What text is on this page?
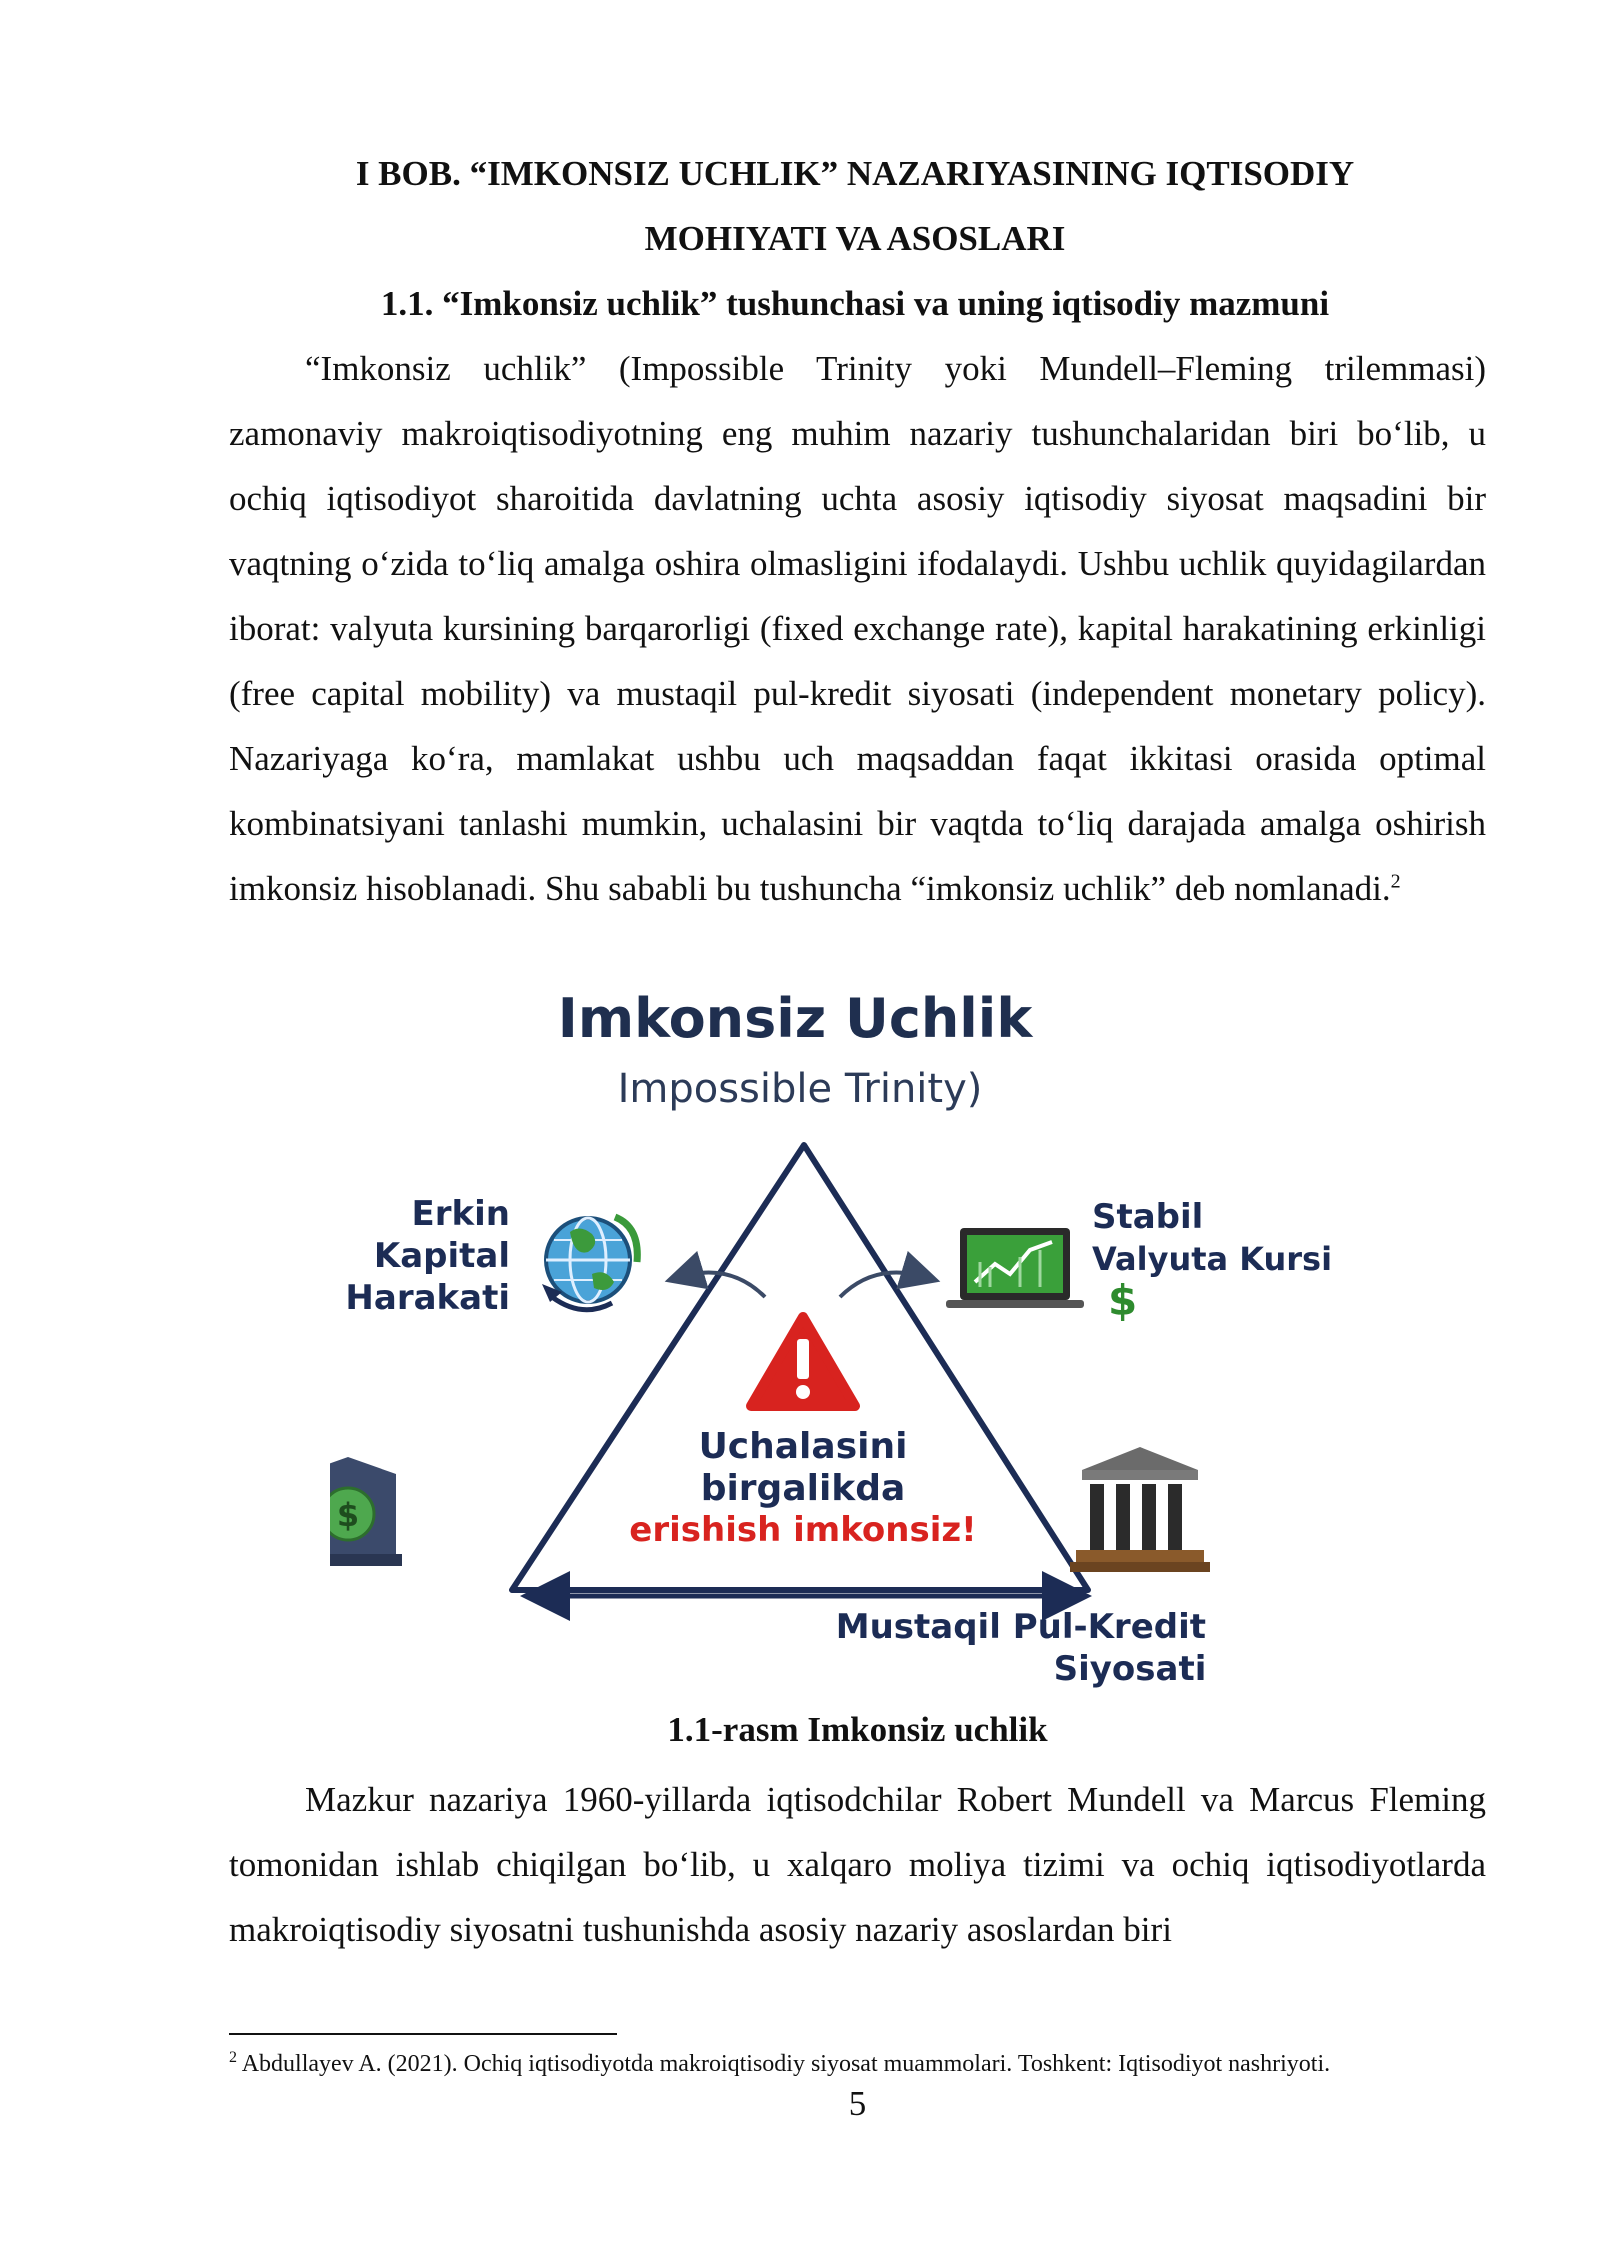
I BOB. “IMKONSIZ UCHLIK” NAZARIYASINING IQTISODIY
MOHIYATI VA ASOSLARI
1.1. “Imkonsiz uchlik” tushunchasi va uning iqtisodiy mazmuni
“Imkonsiz uchlik” (Impossible Trinity yoki Mundell–Fleming trilemmasi) zamonaviy makroiqtisodiyotning eng muhim nazariy tushunchalaridan biri bo‘lib, u ochiq iqtisodiyot sharoitida davlatning uchta asosiy iqtisodiy siyosat maqsadini bir vaqtning o‘zida to‘liq amalga oshira olmasligini ifodalaydi. Ushbu uchlik quyidagilardan iborat: valyuta kursining barqarorligi (fixed exchange rate), kapital harakatining erkinligi (free capital mobility) va mustaqil pul-kredit siyosati (independent monetary policy). Nazariyaga ko‘ra, mamlakat ushbu uch maqsaddan faqat ikkitasi orasida optimal kombinatsiyani tanlashi mumkin, uchalasini bir vaqtda to‘liq darajada amalga oshirish imkonsiz hisoblanadi. Shu sababli bu tushuncha “imkonsiz uchlik” deb nomlanadi.$^2$
Imkonsiz Uchlik
Impossible Trinity)
Erkin
Kapital
Harakati
Stabil
Valyuta Kursi
$
Uchalasini
birgalikda
erishish imkonsiz!
$
Mustaqil Pul-Kredit
Siyosati
1.1-rasm Imkonsiz uchlik
Mazkur nazariya 1960-yillarda iqtisodchilar Robert Mundell va Marcus Fleming tomonidan ishlab chiqilgan bo‘lib, u xalqaro moliya tizimi va ochiq iqtisodiyotlarda makroiqtisodiy siyosatni tushunishda asosiy nazariy asoslardan biri
$^2$ Abdullayev A. (2021). Ochiq iqtisodiyotda makroiqtisodiy siyosat muammolari. Toshkent: Iqtisodiyot nashriyoti.
5
